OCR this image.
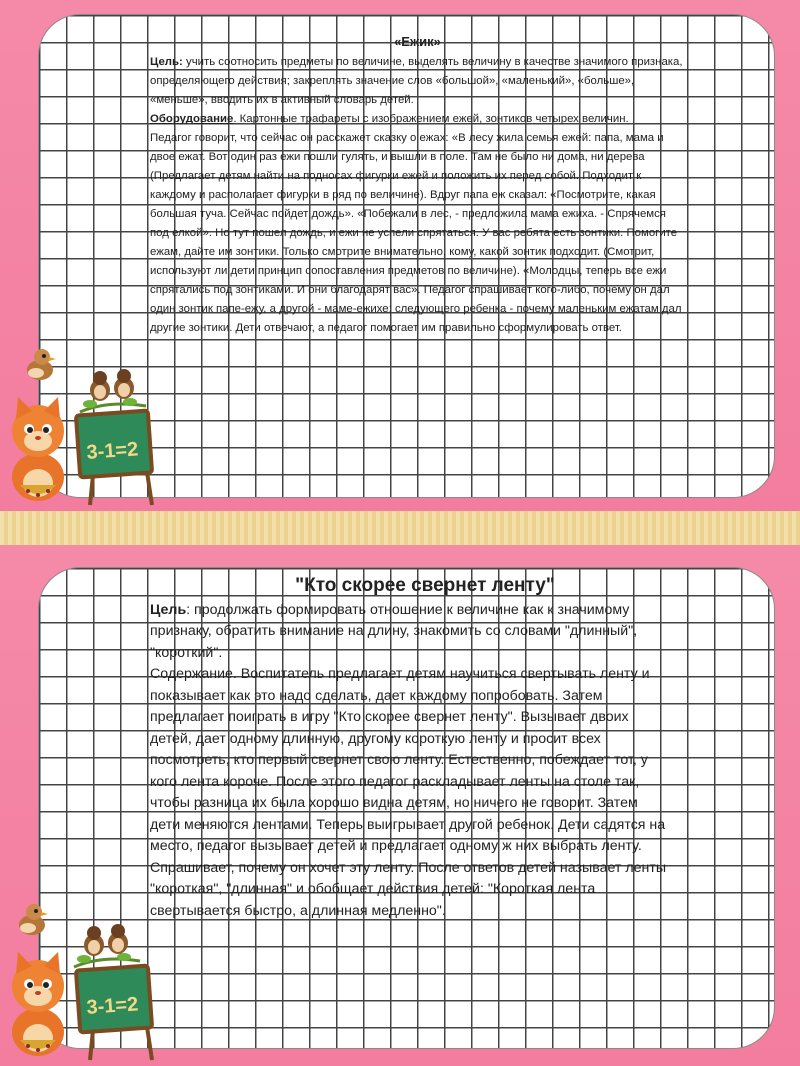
«Ежик»

Цель: учить соотносить предметы по величине, выделять величину в качестве значимого признака, определяющего действия; закреплять значение слов «большой», «маленький», «больше», «меньше», вводить их в активный словарь детей.

Оборудование. Картонные трафареты с изображением ежей, зонтиков четырех величин.

Педагог говорит, что сейчас он расскажет сказку о ежах: «В лесу жила семья ежей: папа, мама и двое ежат. Вот один раз ежи пошли гулять, и вышли в поле. Там не было ни дома, ни дерева (Предлагает детям найти на подносах фигурки ежей и положить их перед собой. Подходит к каждому и располагает фигурки в ряд по величине). Вдруг папа еж сказал: «Посмотрите, какая большая туча. Сейчас пойдет дождь». «Побежали в лес, - предложила мама ежиха. - Спрячемся под елкой». Но тут пошел дождь, и ежи не успели спрятаться. У вас ребята есть зонтики. Помогите ежам, дайте им зонтики. Только смотрите внимательно, кому, какой зонтик подходит. (Смотрит, используют ли дети принцип сопоставления предметов по величине). «Молодцы, теперь все ежи спрятались под зонтиками. И они благодарят вас». Педагог спрашивает кого-либо, почему он дал один зонтик папе-ежу, а другой - маме-ежихе; следующего ребенка - почему маленьким ежатам дал другие зонтики. Дети отвечают, а педагог помогает им правильно сформулировать ответ.

3-1=2
"Кто скорее свернет ленту"

Цель: продолжать формировать отношение к величине как к значимому признаку, обратить внимание на длину, знакомить со словами "длинный", "короткий".

Содержание. Воспитатель предлагает детям научиться свертывать ленту и показывает как это надо сделать, дает каждому попробовать. Затем предлагает поиграть в игру "Кто скорее свернет ленту". Вызывает двоих детей, дает одному длинную, другому короткую ленту и просит всех посмотреть, кто первый свернет свою ленту. Естественно, побеждает тот, у кого лента короче. После этого педагог раскладывает ленты на столе так, чтобы разница их была хорошо видна детям, но ничего не говорит. Затем дети меняются лентами. Теперь выигрывает другой ребенок. Дети садятся на место, педагог вызывает детей и предлагает одному ж них выбрать ленту. Спрашивает, почему он хочет эту ленту. После ответов детей называет ленты "короткая", "длинная" и обобщает действия детей: "Короткая лента свертывается быстро, а длинная медленно".

3-1=2
